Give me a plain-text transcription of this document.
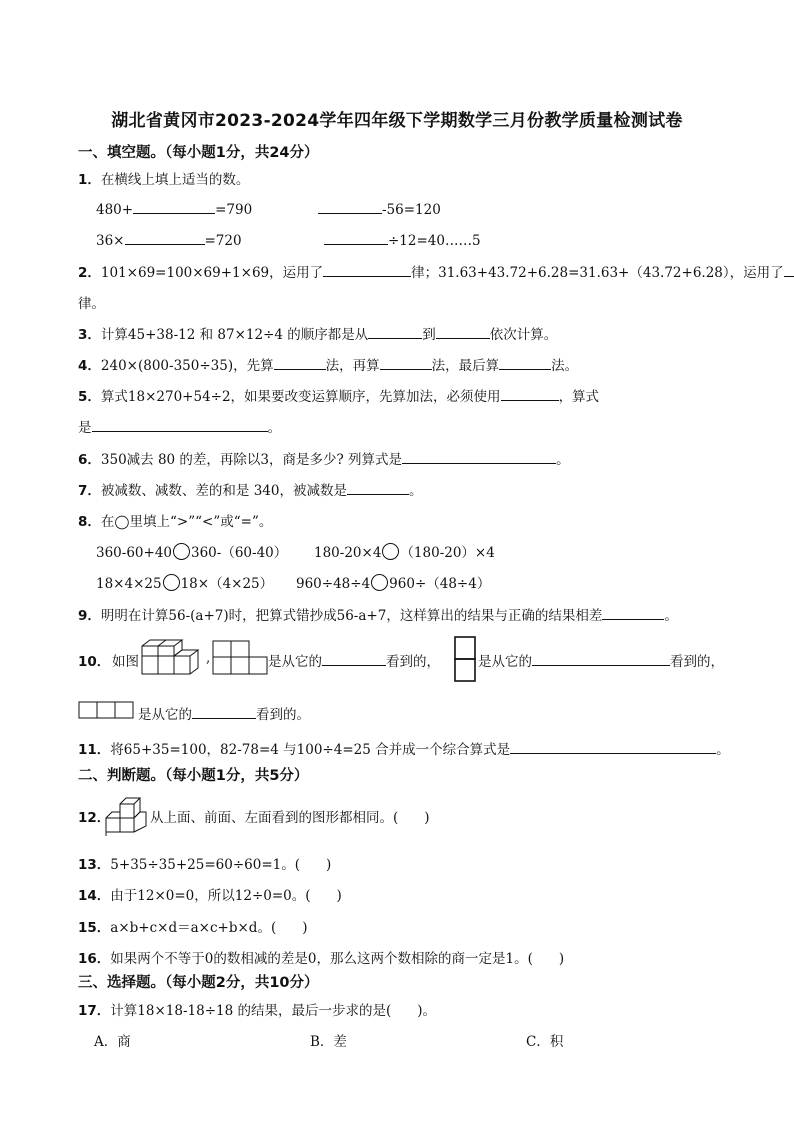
湖北省黄冈市2023-2024学年四年级下学期数学三月份教学质量检测试卷
一、填空题。（每小题1分，共24分）
1．在横线上填上适当的数。
480+	=790	-56=120
36×	=720	÷12=40……5
2．101×69=100×69+1×69，运用了	律；31.63+43.72+6.28=31.63+（43.72+6.28），运用了
律。
3．计算45+38-12 和 87×12÷4 的顺序都是从	到	依次计算。
4．240×(800-350÷35)，先算	法，再算	法，最后算	法。
5．算式18×270+54÷2，如果要改变运算顺序，先算加法，必须使用	，算式
是	。
6．350减去 80 的差，再除以3，商是多少? 列算式是	。
7．被减数、减数、差的和是 340，被减数是	。
8．在◯里填上“>”“<”或“=”。
360-60+40 360-（60-40） 180-20×4 （180-20）×4
18×4×25 18×（4×25） 960÷48÷4 960÷（48÷4）
9．明明在计算56-(a+7)时，把算式错抄成56-a+7，这样算出的结果与正确的结果相差	。
10． 如图	,	是从它的	看到的，	是从它的	看到的，
是从它的	看到的。
11．将65+35=100，82-78=4 与100÷4=25 合并成一个综合算式是	。
二、判断题。（每小题1分，共5分）
12．	从上面、前面、左面看到的图形都相同。( )
13．5+35÷35+25=60÷60=1。( )
14．由于12×0=0，所以12÷0=0。( )
15．a×b+c×d＝a×c+b×d。( )
16．如果两个不等于0的数相减的差是0，那么这两个数相除的商一定是1。( )
三、选择题。（每小题2分，共10分）
17．计算18×18-18÷18 的结果，最后一步求的是( )。
A．商	B．差	C．积
